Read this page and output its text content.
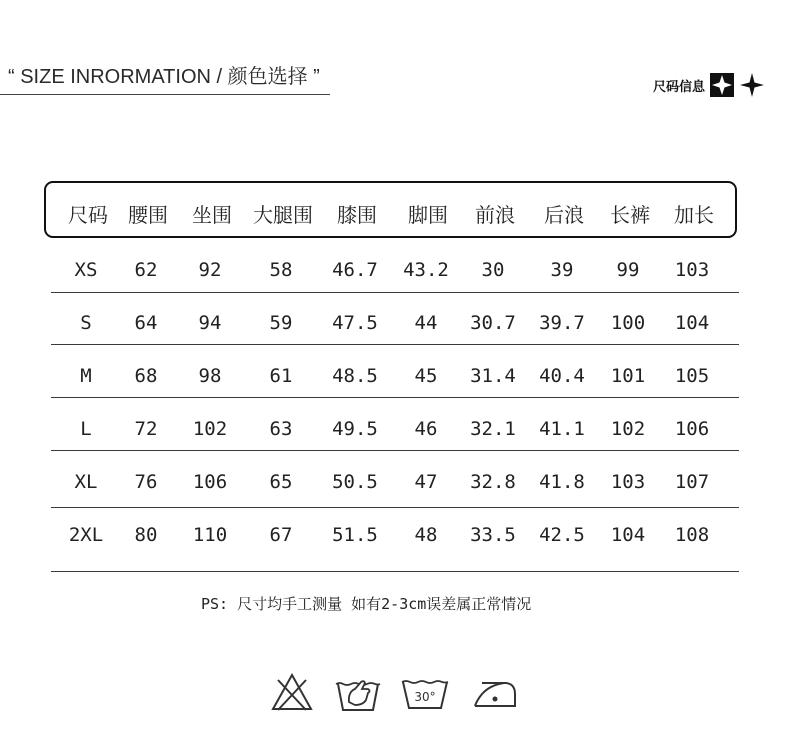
“ SIZE INRORMATION / 颜色选择 ”	尺码信息
尺码 腰围 坐围 大腿围 膝围 脚围 前浪 后浪 长裤 加长
XS 62 92	58 46.7 43.2 30 39 99 103
S 64 94	59 47.5 44 30.7 39.7 100 104
M 68 98	61 48.5 45 31.4 40.4 101 105
L 72 102 63 49.5 46 32.1 41.1 102 106
XL 76 106 65 50.5 47 32.8 41.8 103 107
2XL 80 110 67 51.5 48 33.5 42.5 104 108
PS: 尺寸均手工测量 如有2-3cm误差属正常情况
30°
